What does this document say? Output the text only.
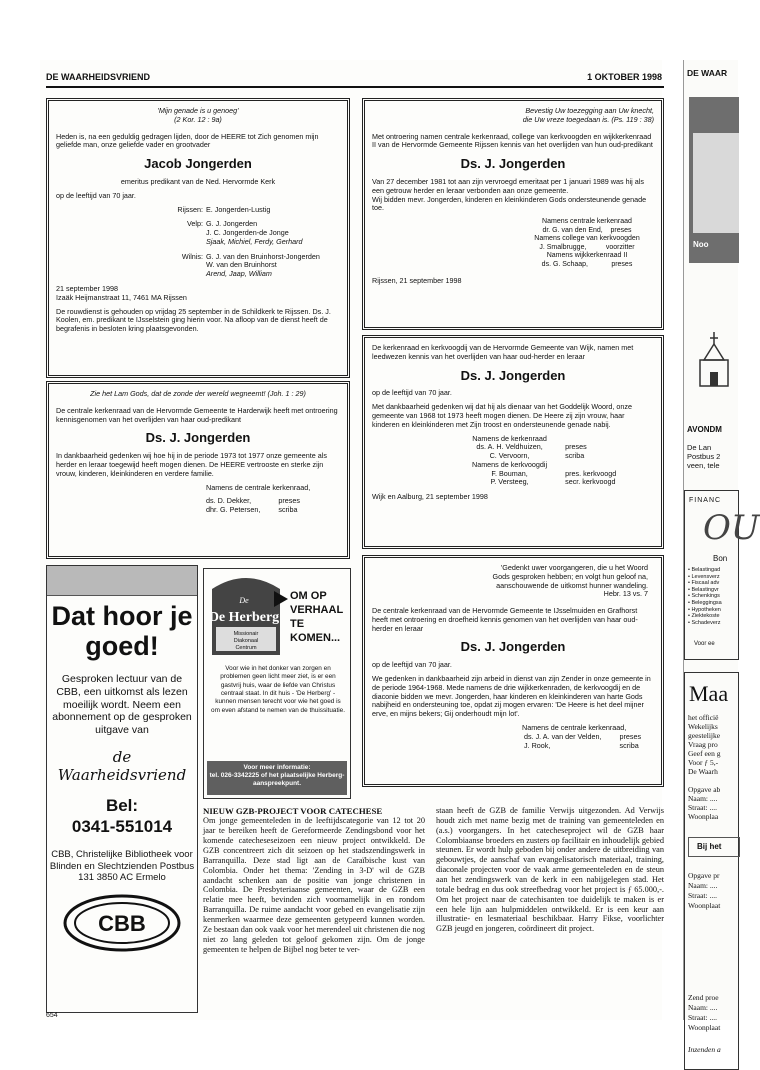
DE WAARHEIDSVRIEND	1 OKTOBER 1998

'Mijn genade is u genoeg'
(2 Kor. 12 : 9a)

Heden is, na een geduldig gedragen lijden, door de HEERE tot Zich genomen mijn geliefde man, onze geliefde vader en grootvader

Jacob Jongerden

emeritus predikant van de Ned. Hervormde Kerk

op de leeftijd van 70 jaar.

Rijssen: E. Jongerden-Lustig
Velp: G. J. Jongerden
J. C. Jongerden-de Jonge
Sjaak, Michiel, Ferdy, Gerhard
Wilnis: G. J. van den Bruinhorst-Jongerden
W. van den Bruinhorst
Arend, Jaap, William

21 september 1998

Izaäk Heijmanstraat 11, 7461 MA Rijssen

De rouwdienst is gehouden op vrijdag 25 september in de Schildkerk te Rijssen. Ds. J. Koolen, em. predikant te IJsselstein ging hierin voor. Na afloop van de dienst heeft de begrafenis in besloten kring plaatsgevonden.

Zie het Lam Gods, dat de zonde der wereld wegneemt! (Joh. 1 : 29)

De centrale kerkenraad van de Hervormde Gemeente te Harderwijk heeft met ontroering kennisgenomen van het overlijden van haar oud-predikant

Ds. J. Jongerden

In dankbaarheid gedenken wij hoe hij in de periode 1973 tot 1977 onze gemeente als herder en leraar toegewijd heeft mogen dienen. De HEERE vertrooste en sterke zijn vrouw, kinderen, kleinkinderen en verdere familie.

Namens de centrale kerkenraad,

ds. D. Dekker,
dhr. G. Petersen,
preses
scriba

Bevestig Uw toezegging aan Uw knecht,
die Uw vreze toegedaan is. (Ps. 119 : 38)

Met ontroering namen centrale kerkenraad, college van kerkvoogden en wijkkerkenraad II van de Hervormde Gemeente Rijssen kennis van het overlijden van hun oud-predikant

Ds. J. Jongerden

Van 27 december 1981 tot aan zijn vervroegd emeritaat per 1 januari 1989 was hij als een getrouw herder en leraar verbonden aan onze gemeente.

Wij bidden mevr. Jongerden, kinderen en kleinkinderen Gods ondersteunende genade toe.

Namens centrale kerkenraad
dr. G. van den End,    preses
Namens college van kerkvoogden
J. Smalbrugge,          voorzitter
Namens wijkkerkenraad II
ds. G. Schaap,            preses

Rijssen, 21 september 1998

De kerkenraad en kerkvoogdij van de Hervormde Gemeente van Wijk, namen met leedwezen kennis van het overlijden van haar oud-herder en leraar

Ds. J. Jongerden

op de leeftijd van 70 jaar.

Met dankbaarheid gedenken wij dat hij als dienaar van het Goddelijk Woord, onze gemeente van 1968 tot 1973 heeft mogen dienen. De Heere zij zijn vrouw, haar kinderen en kleinkinderen met Zijn troost en ondersteunende genade nabij.

Namens de kerkenraad
ds. A. H. Veldhuizen,
C. Vervoorn,
Namens de kerkvoogdij
F. Bouman,
P. Versteeg,

preses
scriba

pres. kerkvoogd
secr. kerkvoogd

Wijk en Aalburg, 21 september 1998

'Gedenkt uwer voorgangeren, die u het Woord
Gods gesproken hebben; en volgt hun geloof na,
aanschouwende de uitkomst hunner wandeling.
Hebr. 13 vs. 7

De centrale kerkenraad van de Hervormde Gemeente te IJsselmuiden en Grafhorst heeft met ontroering en droefheid kennis genomen van het overlijden van haar oud-herder en leraar

Ds. J. Jongerden

op de leeftijd van 70 jaar.

We gedenken in dankbaarheid zijn arbeid in dienst van zijn Zender in onze gemeente in de periode 1964-1968. Mede namens de drie wijkkerkenraden, de kerkvoogdij en de diaconie bidden we mevr. Jongerden, haar kinderen en kleinkinderen van harte Gods nabijheid en ondersteuning toe, opdat zij mogen ervaren: 'De Heere is het deel mijner erve, en mijns bekers; Gij onderhoudt mijn lot'.

Namens de centrale kerkenraad,

ds. J. A. van der Velden,
J. Rook,
preses
scriba
Dat hoor je goed!
Gesproken lectuur van de CBB, een uitkomst als lezen moeilijk wordt. Neem een abonnement op de gesproken uitgave van
de Waarheidsvriend
Bel:
0341-551014
CBB, Christelijke Bibliotheek voor Blinden en Slechtzienden Postbus 131 3850 AC Ermelo
CBB
De
De Herberg
Missionair
Diakonaal
Centrum
OM OP
VERHAAL
TE
KOMEN...
Voor wie in het donker van zorgen en problemen geen licht meer ziet, is er een gastvrij huis, waar de liefde van Christus centraal staat. In dit huis - 'De Herberg' - kunnen mensen terecht voor wie het goed is om even afstand te nemen van de thuissituatie.
Voor meer informatie:
tel. 026-3342225 of het plaatselijke Herberg-aanspreekpunt.
NIEUW GZB-PROJECT VOOR CATECHESE
Om jonge gemeenteleden in de leeftijdscategorie van 12 tot 20 jaar te bereiken heeft de Gereformeerde Zendingsbond voor het komende catecheseseizoen een nieuw project ontwikkeld. De GZB concentreert zich dit seizoen op het stadszendingswerk in Barranquilla. Deze stad ligt aan de Caraïbische kust van Colombia. Onder het thema: 'Zending in 3-D' wil de GZB aandacht schenken aan de positie van jonge christenen in Colombia. De Presbyteriaanse gemeenten, waar de GZB een relatie mee heeft, bevinden zich voornamelijk in en rondom Barranquilla. De ruime aandacht voor gebed en evangelisatie zijn kenmerken waarmee deze gemeenten getypeerd kunnen worden. Ze bestaan dan ook vaak voor het merendeel uit christenen die nog niet zo lang geleden tot geloof gekomen zijn. Om de jonge gemeenten te helpen de Bijbel nog beter te ver-
staan heeft de GZB de familie Verwijs uitgezonden. Ad Verwijs houdt zich met name bezig met de training van gemeenteleden en (a.s.) voorgangers. In het catecheseproject wil de GZB haar Colombiaanse broeders en zusters op facilitair en inhoudelijk gebied steunen. Er wordt hulp geboden bij onder andere de uitbreiding van gebouwtjes, de aanschaf van evangelisatorisch materiaal, training, diaconale projecten voor de vaak arme gemeenteleden en de steun aan het zendingswerk van de kerk in een nabijgelegen stad. Het totale bedrag en dus ook streefbedrag voor het project is ƒ 65.000,-. Om het project naar de catechisanten toe duidelijk te maken is er een hele lijn aan hulpmiddelen ontwikkeld. Er is een keur aan illustratie- en lesmateriaal beschikbaar. Harry Fikse, voorlichter GZB jeugd en jongeren, coördineert dit project.
654
DE WAAR
Noo
AVONDM
De Lan
Postbus 2
veen, tele
FINANC
OU
Bon
• Belastingad
• Levensverz
• Fiscaal adv
• Belastingvr
• Schenkings
• Beleggingsa
• Hypotheken
• Ziektekoste
• Schadeverz
Voor ee
Maa
het officië
Wekelijks
geestelijke
Vraag pro
Geef een g
Voor ƒ 5,-
De Waarh

Opgave ab
Naam: ....
Straat: ....
Woonplaa
Bij het
Opgave pr
Naam: ....
Straat: ....
Woonplaat
Zend proe
Naam: ....
Straat: ....
Woonplaat
Inzenden a
